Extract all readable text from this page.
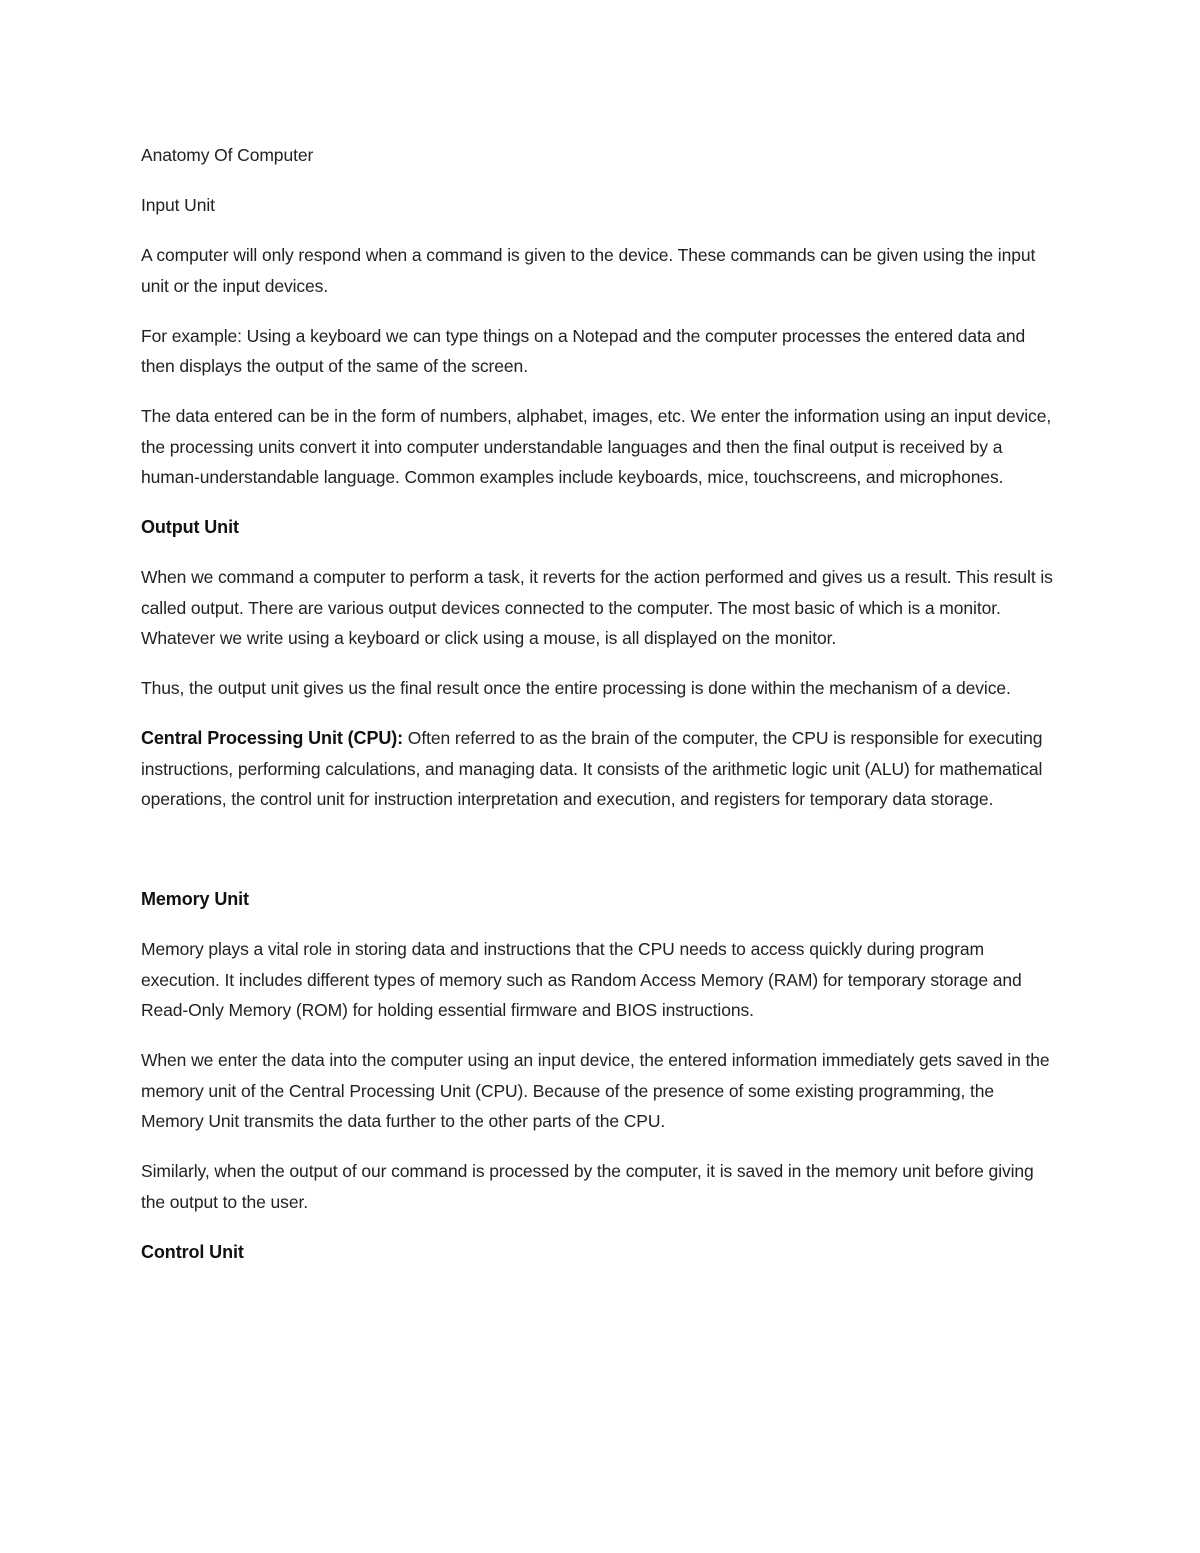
Anatomy Of Computer

Input Unit

A computer will only respond when a command is given to the device. These commands can be given using the input unit or the input devices.

For example: Using a keyboard we can type things on a Notepad and the computer processes the entered data and then displays the output of the same of the screen.

The data entered can be in the form of numbers, alphabet, images, etc. We enter the information using an input device, the processing units convert it into computer understandable languages and then the final output is received by a human-understandable language. Common examples include keyboards, mice, touchscreens, and microphones.

Output Unit

When we command a computer to perform a task, it reverts for the action performed and gives us a result. This result is called output. There are various output devices connected to the computer. The most basic of which is a monitor. Whatever we write using a keyboard or click using a mouse, is all displayed on the monitor.

Thus, the output unit gives us the final result once the entire processing is done within the mechanism of a device.

Central Processing Unit (CPU): Often referred to as the brain of the computer, the CPU is responsible for executing instructions, performing calculations, and managing data. It consists of the arithmetic logic unit (ALU) for mathematical operations, the control unit for instruction interpretation and execution, and registers for temporary data storage.

Memory Unit

Memory plays a vital role in storing data and instructions that the CPU needs to access quickly during program execution. It includes different types of memory such as Random Access Memory (RAM) for temporary storage and Read-Only Memory (ROM) for holding essential firmware and BIOS instructions.

When we enter the data into the computer using an input device, the entered information immediately gets saved in the memory unit of the Central Processing Unit (CPU). Because of the presence of some existing programming, the Memory Unit transmits the data further to the other parts of the CPU.

Similarly, when the output of our command is processed by the computer, it is saved in the memory unit before giving the output to the user.

Control Unit
